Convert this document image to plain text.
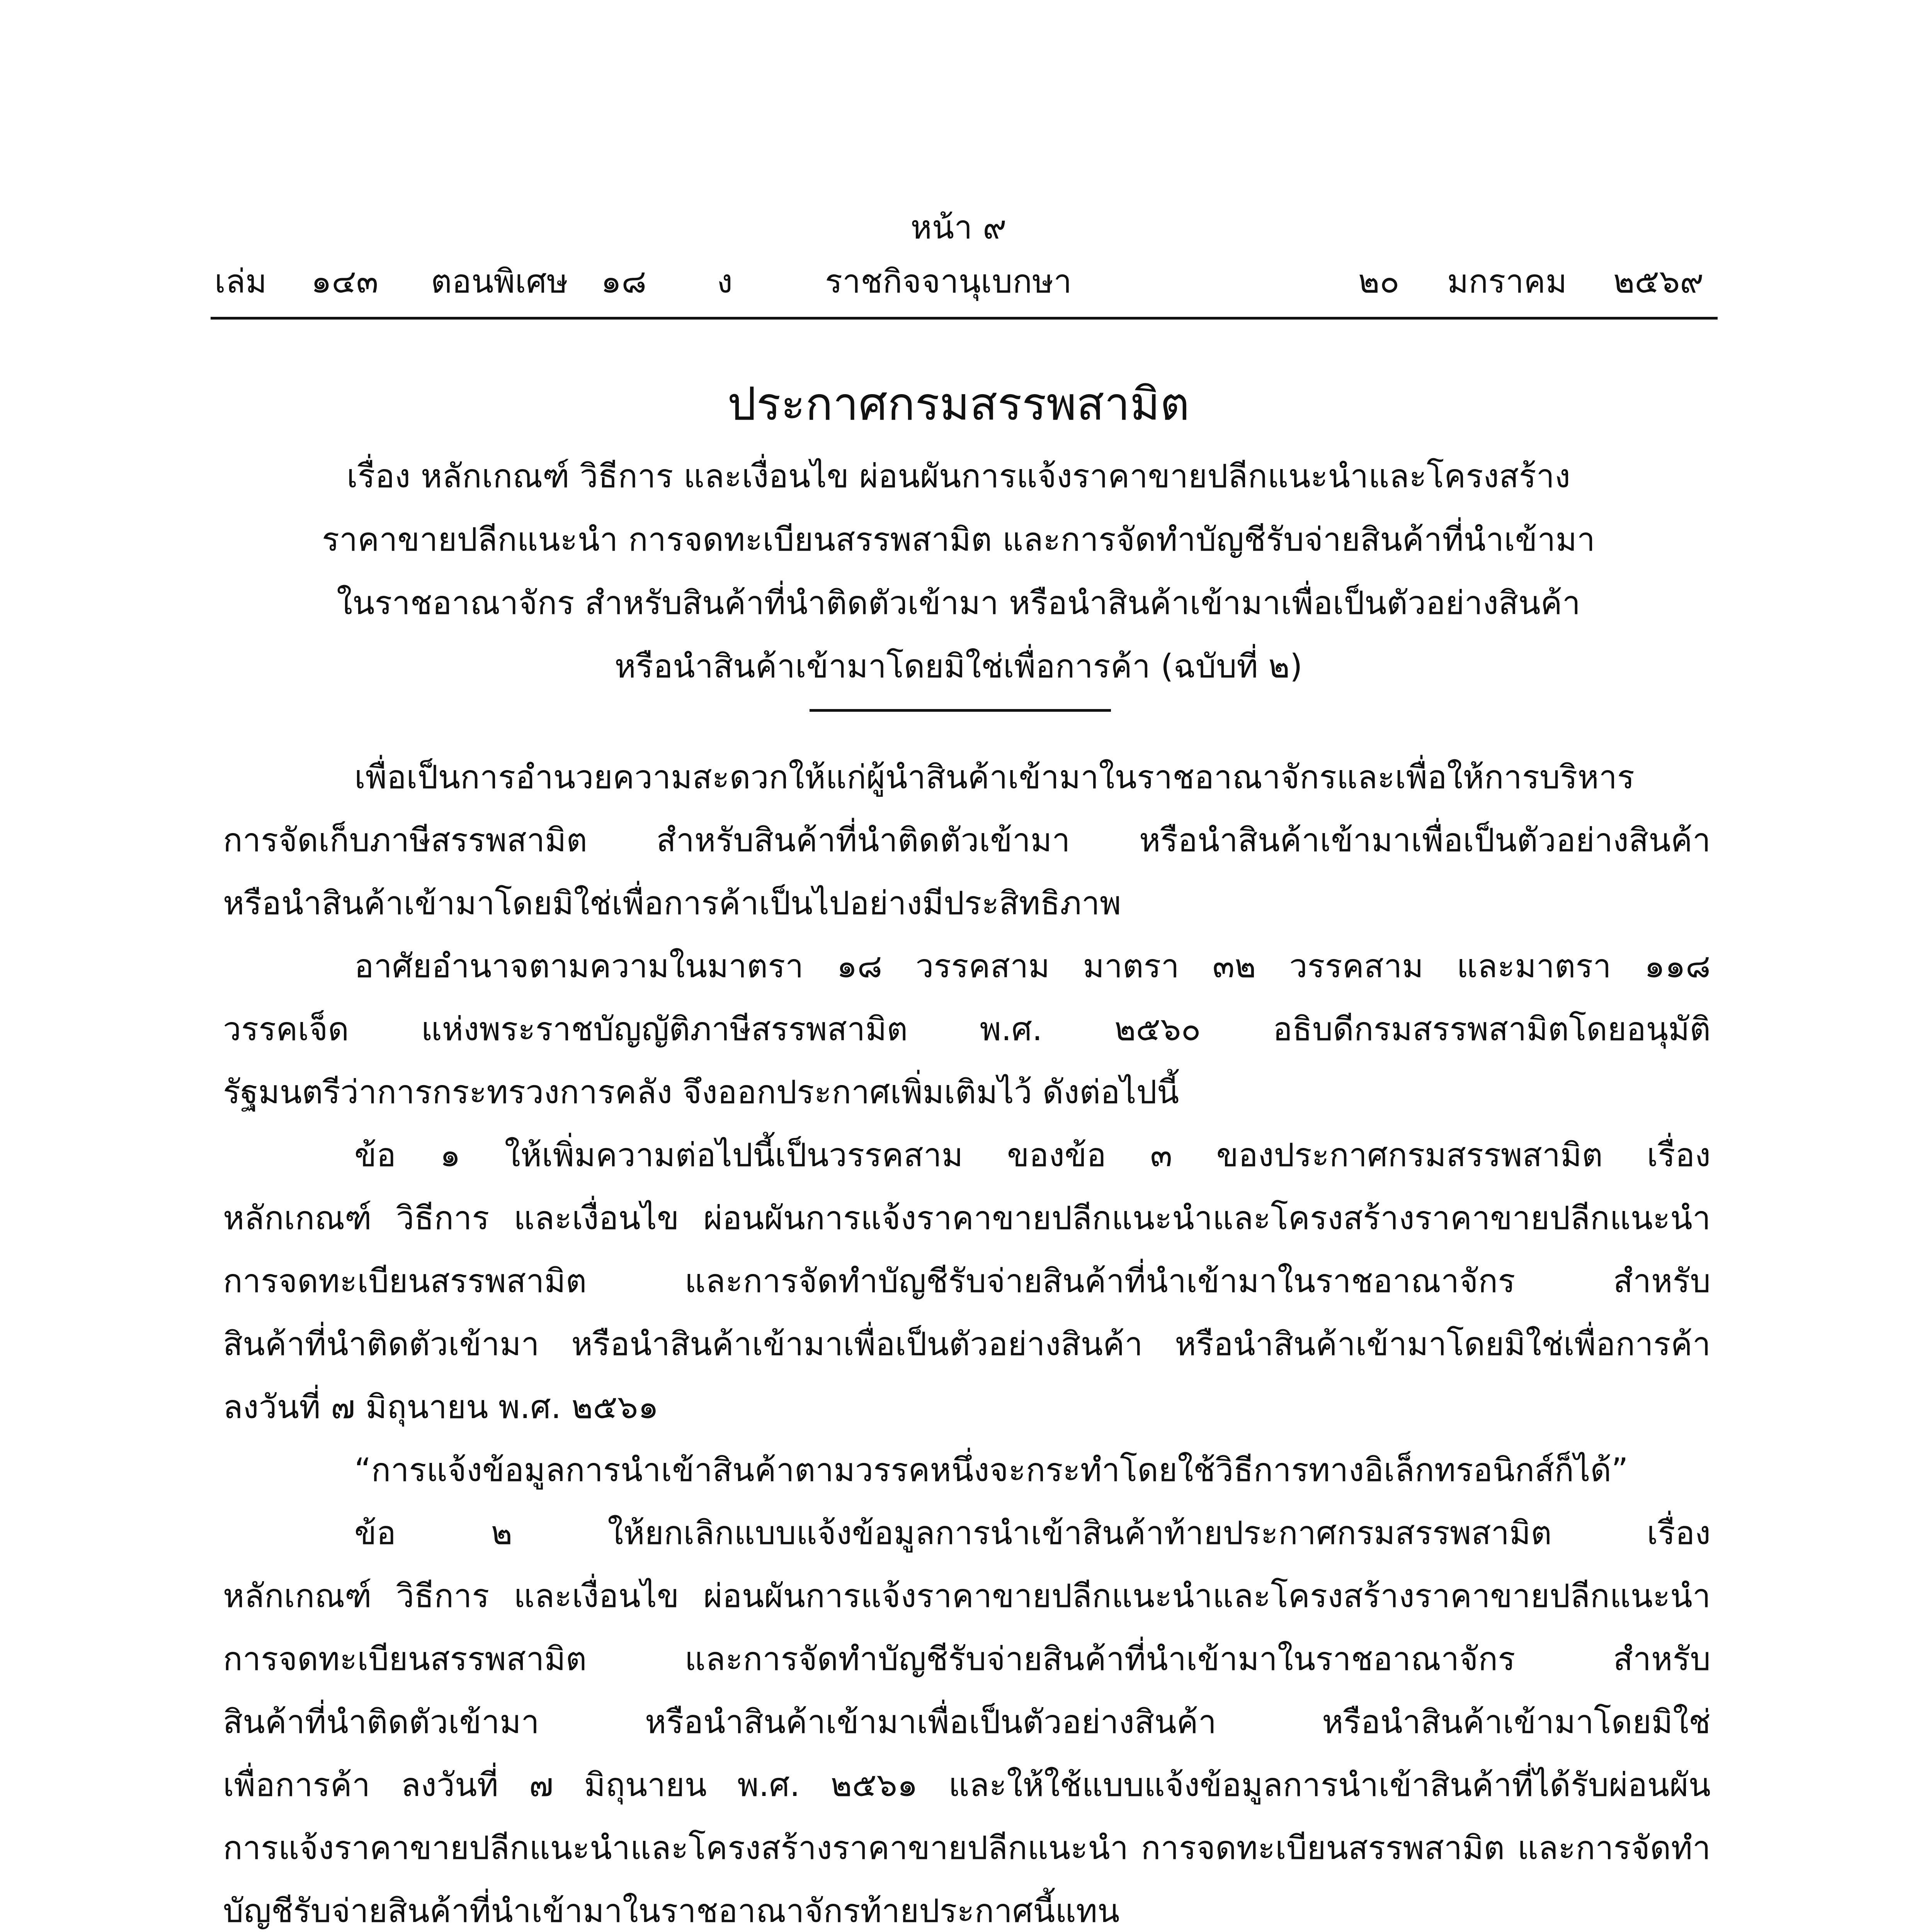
หน้า ๙
เล่ม ๑๔๓ ตอนพิเศษ ๑๘ ง	ราชกิจจานุเบกษา	๒๐ มกราคม ๒๕๖๙
ประกาศกรมสรรพสามิต
เรื่อง หลักเกณฑ์ วิธีการ และเงื่อนไข ผ่อนผันการแจ้งราคาขายปลีกแนะนำและโครงสร้าง
ราคาขายปลีกแนะนำ การจดทะเบียนสรรพสามิต และการจัดทำบัญชีรับจ่ายสินค้าที่นำเข้ามา
ในราชอาณาจักร สำหรับสินค้าที่นำติดตัวเข้ามา หรือนำสินค้าเข้ามาเพื่อเป็นตัวอย่างสินค้า
หรือนำสินค้าเข้ามาโดยมิใช่เพื่อการค้า (ฉบับที่ ๒)
เพื่อเป็นการอำนวยความสะดวกให้แก่ผู้นำสินค้าเข้ามาในราชอาณาจักรและเพื่อให้การบริหาร
การจัดเก็บภาษีสรรพสามิต สำหรับสินค้าที่นำติดตัวเข้ามา หรือนำสินค้าเข้ามาเพื่อเป็นตัวอย่างสินค้า
หรือนำสินค้าเข้ามาโดยมิใช่เพื่อการค้าเป็นไปอย่างมีประสิทธิภาพ
อาศัยอำนาจตามความในมาตรา ๑๘ วรรคสาม มาตรา ๓๒ วรรคสาม และมาตรา ๑๑๘
วรรคเจ็ด แห่งพระราชบัญญัติภาษีสรรพสามิต พ.ศ. ๒๕๖๐ อธิบดีกรมสรรพสามิตโดยอนุมัติ
รัฐมนตรีว่าการกระทรวงการคลัง จึงออกประกาศเพิ่มเติมไว้ ดังต่อไปนี้
ข้อ ๑ ให้เพิ่มความต่อไปนี้เป็นวรรคสาม ของข้อ ๓ ของประกาศกรมสรรพสามิต เรื่อง
หลักเกณฑ์ วิธีการ และเงื่อนไข ผ่อนผันการแจ้งราคาขายปลีกแนะนำและโครงสร้างราคาขายปลีกแนะนำ
การจดทะเบียนสรรพสามิต และการจัดทำบัญชีรับจ่ายสินค้าที่นำเข้ามาในราชอาณาจักร สำหรับ
สินค้าที่นำติดตัวเข้ามา หรือนำสินค้าเข้ามาเพื่อเป็นตัวอย่างสินค้า หรือนำสินค้าเข้ามาโดยมิใช่เพื่อการค้า
ลงวันที่ ๗ มิถุนายน พ.ศ. ๒๕๖๑
“การแจ้งข้อมูลการนำเข้าสินค้าตามวรรคหนึ่งจะกระทำโดยใช้วิธีการทางอิเล็กทรอนิกส์ก็ได้”
ข้อ ๒ ให้ยกเลิกแบบแจ้งข้อมูลการนำเข้าสินค้าท้ายประกาศกรมสรรพสามิต เรื่อง
หลักเกณฑ์ วิธีการ และเงื่อนไข ผ่อนผันการแจ้งราคาขายปลีกแนะนำและโครงสร้างราคาขายปลีกแนะนำ
การจดทะเบียนสรรพสามิต และการจัดทำบัญชีรับจ่ายสินค้าที่นำเข้ามาในราชอาณาจักร สำหรับ
สินค้าที่นำติดตัวเข้ามา หรือนำสินค้าเข้ามาเพื่อเป็นตัวอย่างสินค้า หรือนำสินค้าเข้ามาโดยมิใช่
เพื่อการค้า ลงวันที่ ๗ มิถุนายน พ.ศ. ๒๕๖๑ และให้ใช้แบบแจ้งข้อมูลการนำเข้าสินค้าที่ได้รับผ่อนผัน
การแจ้งราคาขายปลีกแนะนำและโครงสร้างราคาขายปลีกแนะนำ การจดทะเบียนสรรพสามิต และการจัดทำ
บัญชีรับจ่ายสินค้าที่นำเข้ามาในราชอาณาจักรท้ายประกาศนี้แทน
